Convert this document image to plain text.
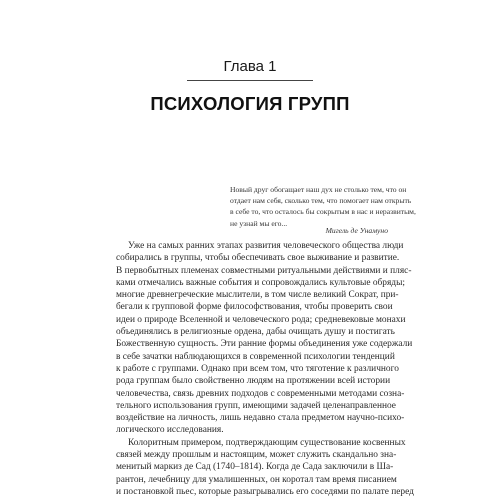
Глава 1
ПСИХОЛОГИЯ ГРУПП
Новый друг обогащает наш дух не столько тем, что он
отдает нам себя, сколько тем, что помогает нам открыть
в себе то, что осталось бы сокрытым в нас и неразвитым,
не узнай мы его...
Мигель де Унамуно
Уже на самых ранних этапах развития человеческого общества люди
собирались в группы, чтобы обеспечивать свое выживание и развитие.
В первобытных племенах совместными ритуальными действиями и пляс-
ками отмечались важные события и сопровождались культовые обряды;
многие древнегреческие мыслители, в том числе великий Сократ, при-
бегали к групповой форме философствования, чтобы проверить свои
идеи о природе Вселенной и человеческого рода; средневековые монахи
объединялись в религиозные ордена, дабы очищать душу и постигать
Божественную сущность. Эти ранние формы объединения уже содержали
в себе зачатки наблюдающихся в современной психологии тенденций
к работе с группами. Однако при всем том, что тяготение к различного
рода группам было свойственно людям на протяжении всей истории
человечества, связь древних подходов с современными методами созна-
тельного использования групп, имеющими задачей целенаправленное
воздействие на личность, лишь недавно стала предметом научно-психо-
логического исследования.
Колоритным примером, подтверждающим существование косвенных
связей между прошлым и настоящим, может служить скандально зна-
менитый маркиз де Сад (1740–1814). Когда де Сада заключили в Ша-
рантон, лечебницу для умалишенных, он коротал там время писанием
и постановкой пьес, которые разыгрывались его соседями по палате перед
